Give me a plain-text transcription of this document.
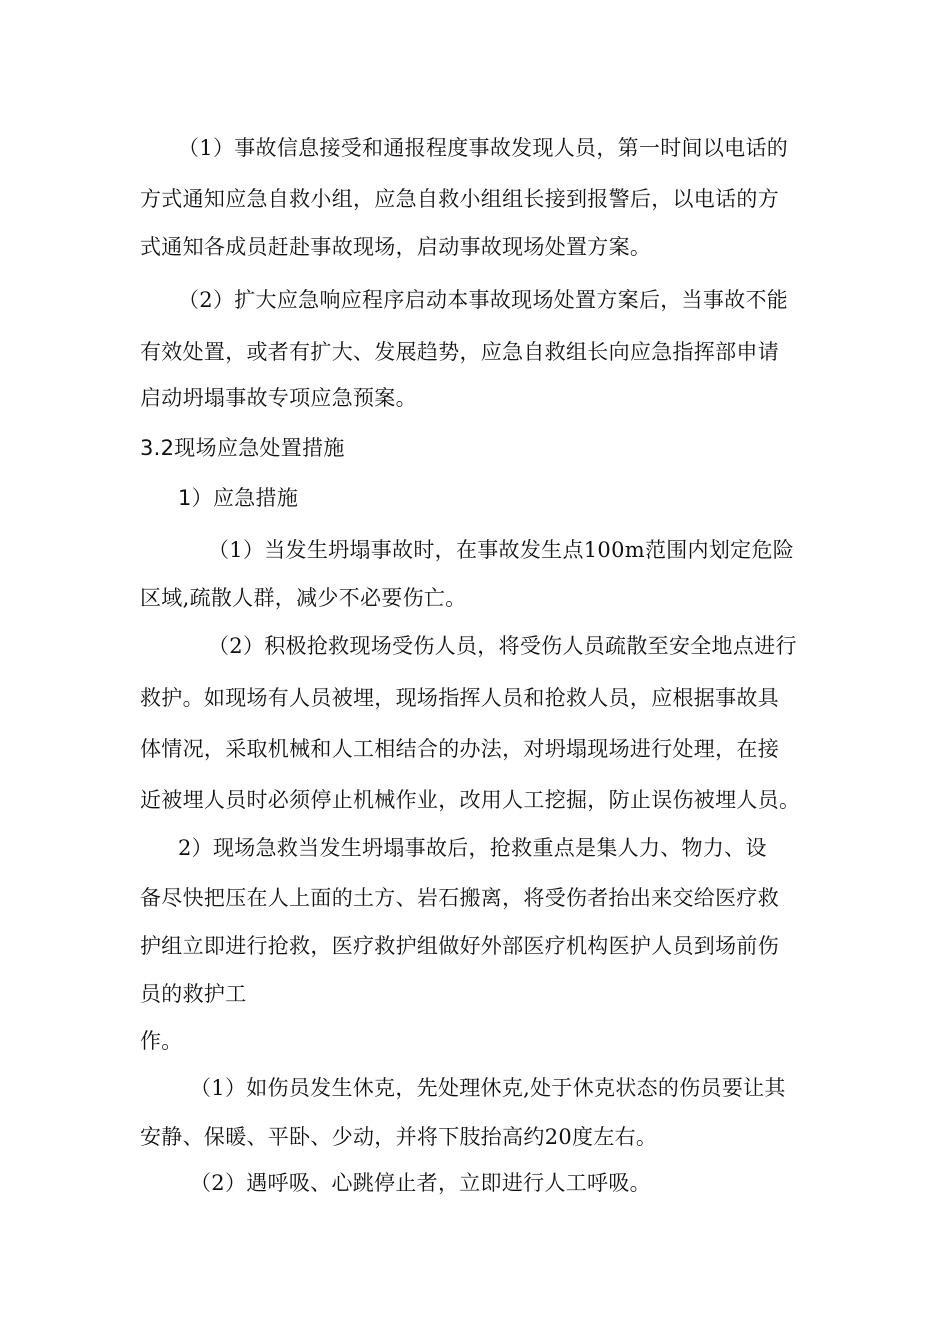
（1）事故信息接受和通报程度事故发现人员，第一时间以电话的
方式通知应急自救小组，应急自救小组组长接到报警后，以电话的方
式通知各成员赶赴事故现场，启动事故现场处置方案。
（2）扩大应急响应程序启动本事故现场处置方案后，当事故不能
有效处置，或者有扩大、发展趋势，应急自救组长向应急指挥部申请
启动坍塌事故专项应急预案。
3.2现场应急处置措施
1）应急措施
（1）当发生坍塌事故时，在事故发生点100m范围内划定危险
区域,疏散人群，减少不必要伤亡。
（2）积极抢救现场受伤人员，将受伤人员疏散至安全地点进行
救护。如现场有人员被埋，现场指挥人员和抢救人员，应根据事故具
体情况，采取机械和人工相结合的办法，对坍塌现场进行处理，在接
近被埋人员时必须停止机械作业，改用人工挖掘，防止误伤被埋人员。
2）现场急救当发生坍塌事故后，抢救重点是集人力、物力、设
备尽快把压在人上面的土方、岩石搬离，将受伤者抬出来交给医疗救
护组立即进行抢救，医疗救护组做好外部医疗机构医护人员到场前伤
员的救护工
作。
（1）如伤员发生休克，先处理休克,处于休克状态的伤员要让其
安静、保暖、平卧、少动，并将下肢抬高约20度左右。
（2）遇呼吸、心跳停止者，立即进行人工呼吸。
